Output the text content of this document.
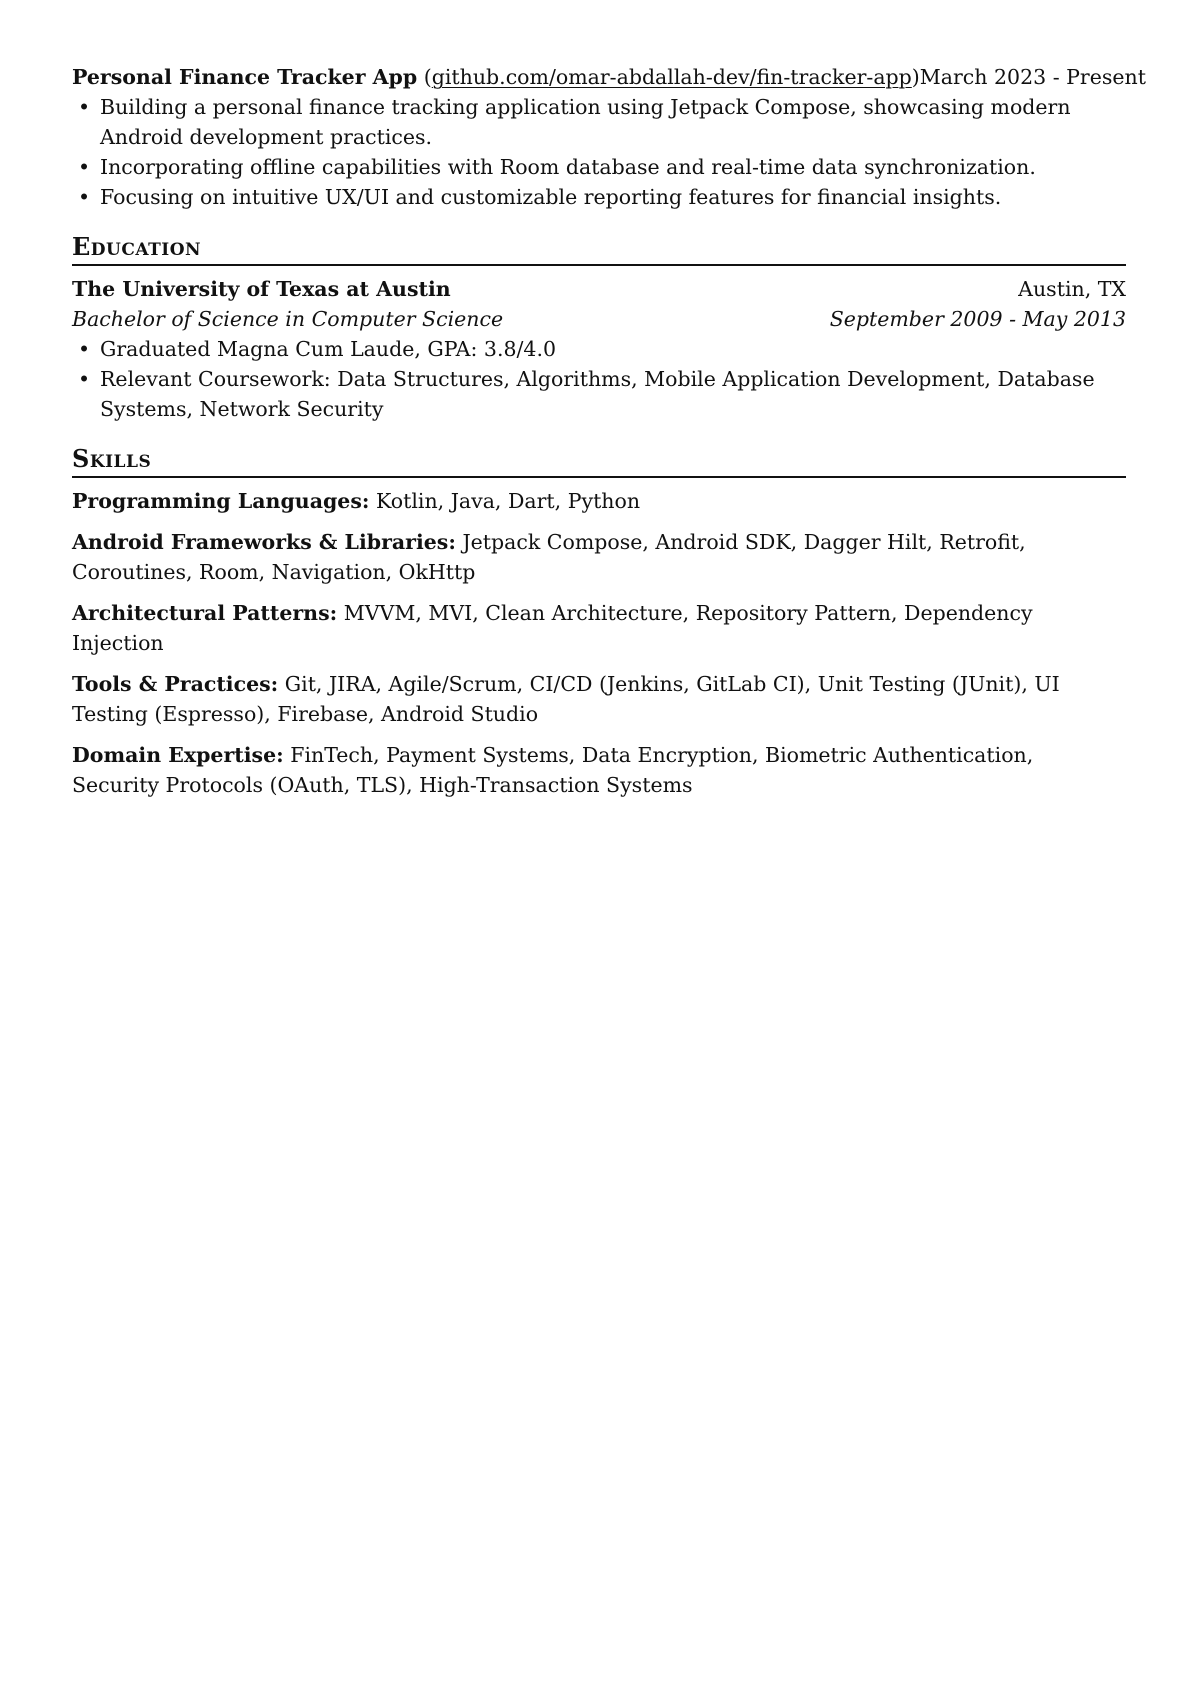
Personal Finance Tracker App (github.com/omar-abdallah-dev/fin-tracker-app) March 2023 - Present
• Building a personal finance tracking application using Jetpack Compose, showcasing modern Android development practices.
• Incorporating offline capabilities with Room database and real-time data synchronization.
• Focusing on intuitive UX/UI and customizable reporting features for financial insights.
Education
The University of Texas at Austin	Austin, TX
Bachelor of Science in Computer Science	September 2009 - May 2013
• Graduated Magna Cum Laude, GPA: 3.8/4.0
• Relevant Coursework: Data Structures, Algorithms, Mobile Application Development, Database Systems, Network Security
Skills
Programming Languages: Kotlin, Java, Dart, Python
Android Frameworks & Libraries: Jetpack Compose, Android SDK, Dagger Hilt, Retrofit, Coroutines, Room, Navigation, OkHttp
Architectural Patterns: MVVM, MVI, Clean Architecture, Repository Pattern, Dependency Injection
Tools & Practices: Git, JIRA, Agile/Scrum, CI/CD (Jenkins, GitLab CI), Unit Testing (JUnit), UI Testing (Espresso), Firebase, Android Studio
Domain Expertise: FinTech, Payment Systems, Data Encryption, Biometric Authentication, Security Protocols (OAuth, TLS), High-Transaction Systems
